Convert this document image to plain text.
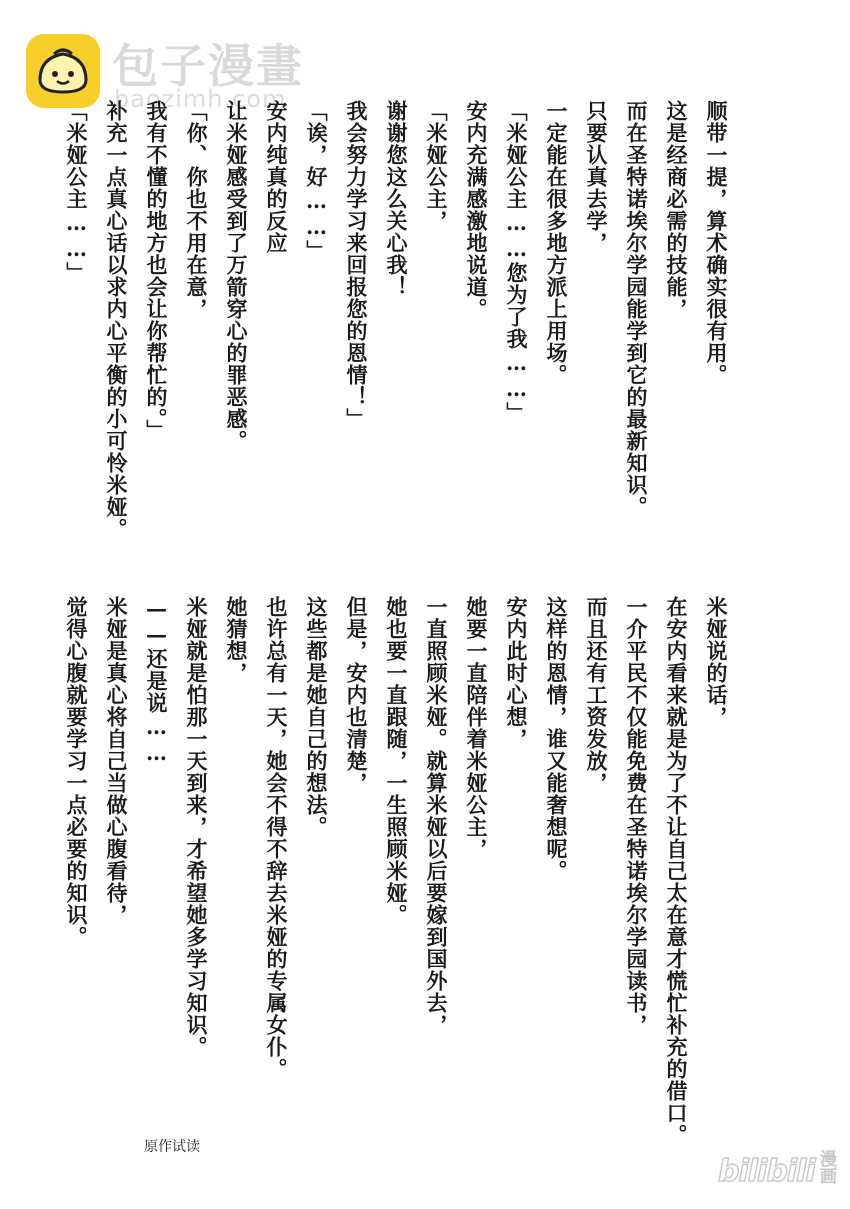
包子漫畫
baozimh.com

顺带一提，算术确实很有用。

这是经商必需的技能，

而在圣特诺埃尔学园能学到它的最新知识。

只要认真去学，

一定能在很多地方派上用场。

「米娅公主……您为了我……」

安内充满感激地说道。

「米娅公主，

谢谢您这么关心我！

我会努力学习来回报您的恩情！」

「诶，好……」

安内纯真的反应

让米娅感受到了万箭穿心的罪恶感。

「你、你也不用在意，

我有不懂的地方也会让你帮忙的。」

补充一点真心话以求内心平衡的小可怜米娅。

「米娅公主……」

米娅说的话，

在安内看来就是为了不让自己太在意才慌忙补充的借口。

一介平民不仅能免费在圣特诺埃尔学园读书，

而且还有工资发放，

这样的恩情，谁又能奢想呢。

安内此时心想，

她要一直陪伴着米娅公主，

一直照顾米娅。就算米娅以后要嫁到国外去，

她也要一直跟随，一生照顾米娅。

但是，安内也清楚，

这些都是她自己的想法。

也许总有一天，她会不得不辞去米娅的专属女仆。

她猜想，

米娅就是怕那一天到来，才希望她多学习知识。

——还是说……

米娅是真心将自己当做心腹看待，

觉得心腹就要学习一点必要的知识。

原作试读
bilibili 漫画
